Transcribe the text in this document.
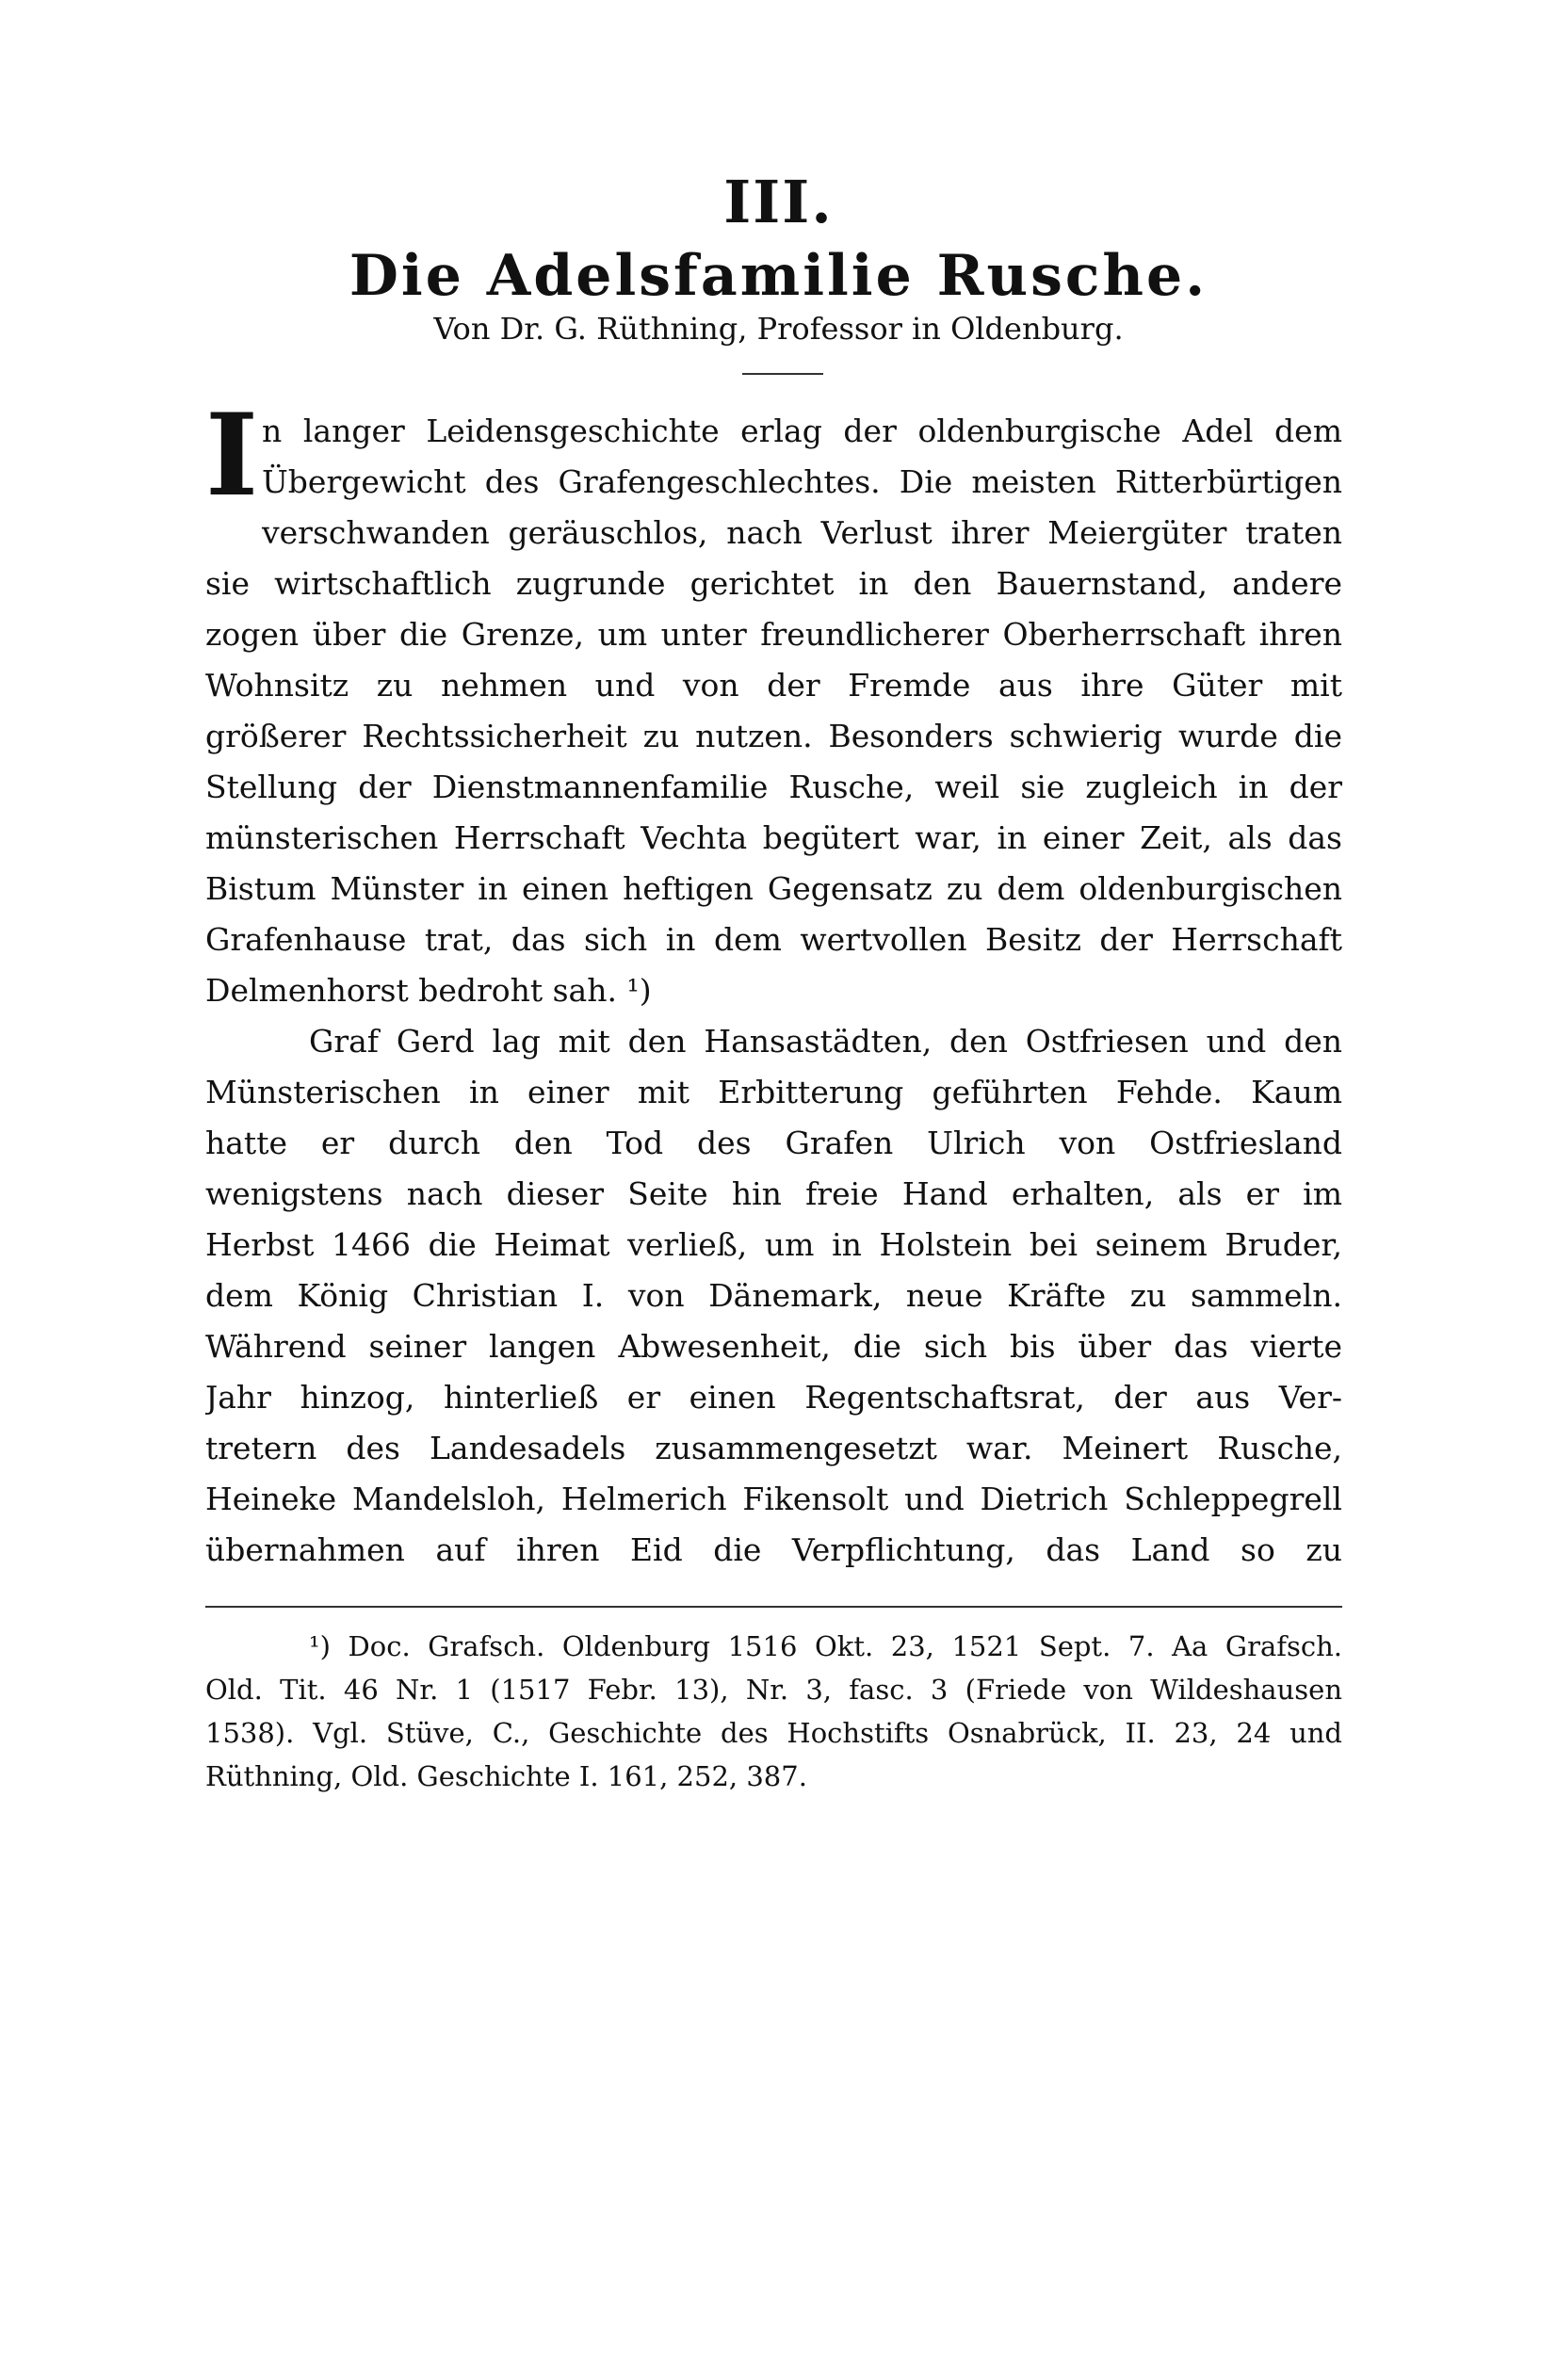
III.
Die Adelsfamilie Rusche.
Von Dr. G. Rüthning, Professor in Oldenburg.
I n langer Leidensgeschichte erlag der oldenburgische Adel dem
Übergewicht des Grafengeschlechtes. Die meisten Ritterbürtigen
verschwanden geräuschlos, nach Verlust ihrer Meiergüter traten
sie wirtschaftlich zugrunde gerichtet in den Bauernstand, andere
zogen über die Grenze, um unter freundlicherer Oberherrschaft ihren
Wohnsitz zu nehmen und von der Fremde aus ihre Güter mit
größerer Rechtssicherheit zu nutzen. Besonders schwierig wurde die
Stellung der Dienstmannenfamilie Rusche, weil sie zugleich in der
münsterischen Herrschaft Vechta begütert war, in einer Zeit, als das
Bistum Münster in einen heftigen Gegensatz zu dem oldenburgischen
Grafenhause trat, das sich in dem wertvollen Besitz der Herrschaft
Delmenhorst bedroht sah. ¹)
Graf Gerd lag mit den Hansastädten, den Ostfriesen und den
Münsterischen in einer mit Erbitterung geführten Fehde. Kaum
hatte er durch den Tod des Grafen Ulrich von Ostfriesland
wenigstens nach dieser Seite hin freie Hand erhalten, als er im
Herbst 1466 die Heimat verließ, um in Holstein bei seinem Bruder,
dem König Christian I. von Dänemark, neue Kräfte zu sammeln.
Während seiner langen Abwesenheit, die sich bis über das vierte
Jahr hinzog, hinterließ er einen Regentschaftsrat, der aus Ver-
tretern des Landesadels zusammengesetzt war. Meinert Rusche,
Heineke Mandelsloh, Helmerich Fikensolt und Dietrich Schleppegrell
übernahmen auf ihren Eid die Verpflichtung, das Land so zu
¹) Doc. Grafsch. Oldenburg 1516 Okt. 23, 1521 Sept. 7. Aa Grafsch.
Old. Tit. 46 Nr. 1 (1517 Febr. 13), Nr. 3, fasc. 3 (Friede von Wildeshausen
1538). Vgl. Stüve, C., Geschichte des Hochstifts Osnabrück, II. 23, 24 und
Rüthning, Old. Geschichte I. 161, 252, 387.
